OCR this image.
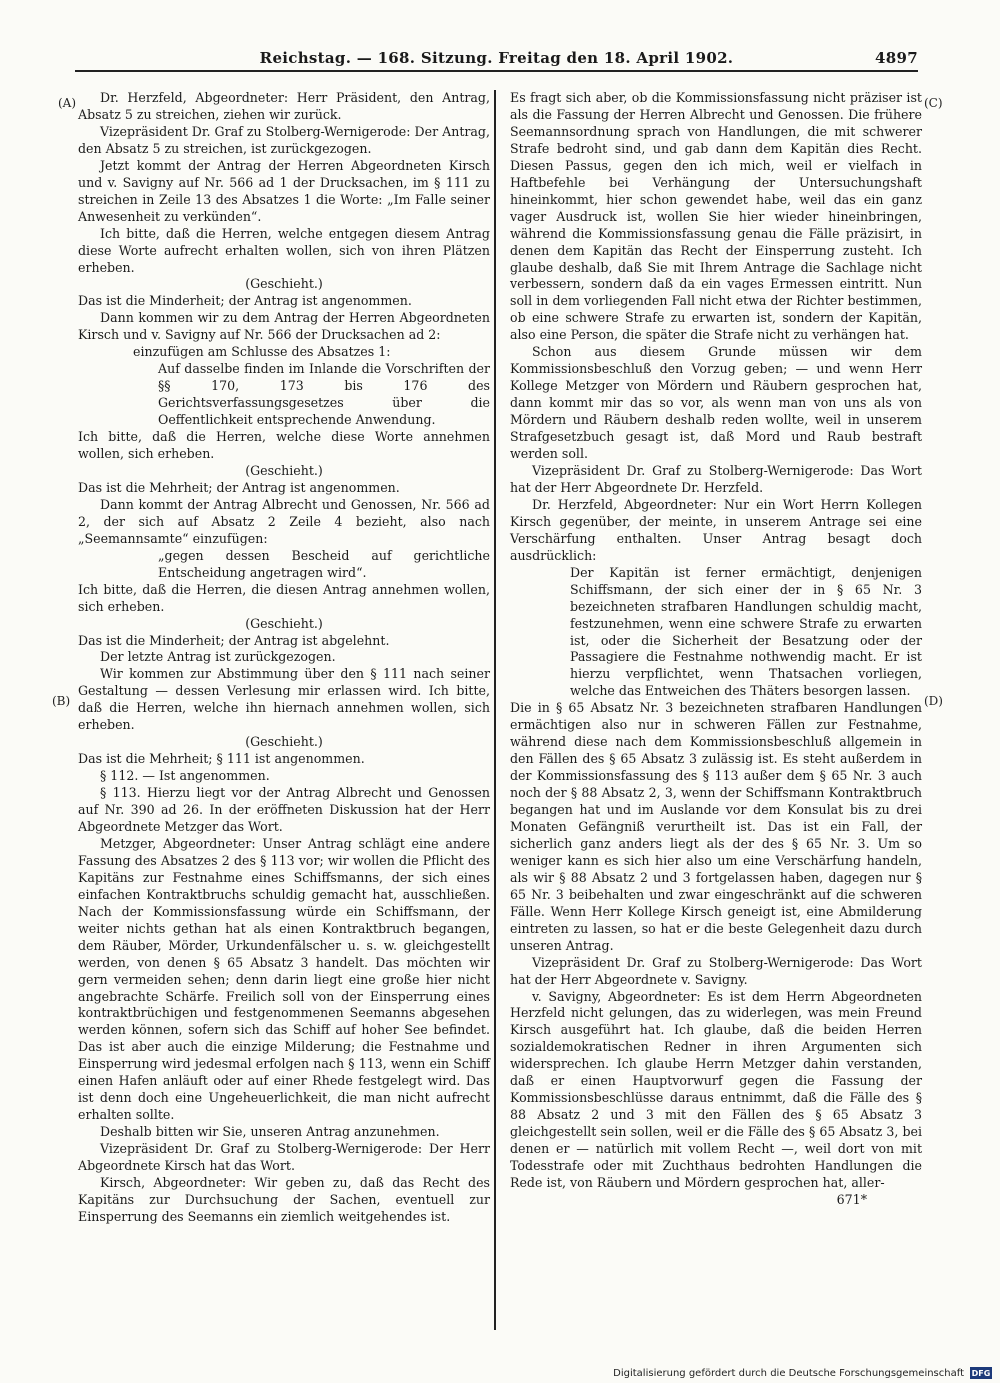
Reichstag. — 168. Sitzung. Freitag den 18. April 1902.	4897
(A)
(B)
(C)
(D)

Dr. Herzfeld, Abgeordneter: Herr Präsident, den Antrag, Absatz 5 zu streichen, ziehen wir zurück.

Vizepräsident Dr. Graf zu Stolberg-Wernigerode: Der Antrag, den Absatz 5 zu streichen, ist zurückgezogen.

Jetzt kommt der Antrag der Herren Abgeordneten Kirsch und v. Savigny auf Nr. 566 ad 1 der Drucksachen, im § 111 zu streichen in Zeile 13 des Absatzes 1 die Worte: „Im Falle seiner Anwesenheit zu verkünden“.

Ich bitte, daß die Herren, welche entgegen diesem Antrag diese Worte aufrecht erhalten wollen, sich von ihren Plätzen erheben.

(Geschieht.)

Das ist die Minderheit; der Antrag ist angenommen.

Dann kommen wir zu dem Antrag der Herren Abgeordneten Kirsch und v. Savigny auf Nr. 566 der Drucksachen ad 2:

einzufügen am Schlusse des Absatzes 1:

Auf dasselbe finden im Inlande die Vorschriften der §§ 170, 173 bis 176 des Gerichtsverfassungsgesetzes über die Oeffentlichkeit entsprechende Anwendung.

Ich bitte, daß die Herren, welche diese Worte annehmen wollen, sich erheben.

(Geschieht.)

Das ist die Mehrheit; der Antrag ist angenommen.

Dann kommt der Antrag Albrecht und Genossen, Nr. 566 ad 2, der sich auf Absatz 2 Zeile 4 bezieht, also nach „Seemannsamte“ einzufügen:

„gegen dessen Bescheid auf gerichtliche Entscheidung angetragen wird“.

Ich bitte, daß die Herren, die diesen Antrag annehmen wollen, sich erheben.

(Geschieht.)

Das ist die Minderheit; der Antrag ist abgelehnt.

Der letzte Antrag ist zurückgezogen.

Wir kommen zur Abstimmung über den § 111 nach seiner Gestaltung — dessen Verlesung mir erlassen wird. Ich bitte, daß die Herren, welche ihn hiernach annehmen wollen, sich erheben.

(Geschieht.)

Das ist die Mehrheit; § 111 ist angenommen.

§ 112. — Ist angenommen.

§ 113. Hierzu liegt vor der Antrag Albrecht und Genossen auf Nr. 390 ad 26. In der eröffneten Diskussion hat der Herr Abgeordnete Metzger das Wort.

Metzger, Abgeordneter: Unser Antrag schlägt eine andere Fassung des Absatzes 2 des § 113 vor; wir wollen die Pflicht des Kapitäns zur Festnahme eines Schiffsmanns, der sich eines einfachen Kontraktbruchs schuldig gemacht hat, ausschließen. Nach der Kommissionsfassung würde ein Schiffsmann, der weiter nichts gethan hat als einen Kontraktbruch begangen, dem Räuber, Mörder, Urkundenfälscher u. s. w. gleichgestellt werden, von denen § 65 Absatz 3 handelt. Das möchten wir gern vermeiden sehen; denn darin liegt eine große hier nicht angebrachte Schärfe. Freilich soll von der Einsperrung eines kontraktbrüchigen und festgenommenen Seemanns abgesehen werden können, sofern sich das Schiff auf hoher See befindet. Das ist aber auch die einzige Milderung; die Festnahme und Einsperrung wird jedesmal erfolgen nach § 113, wenn ein Schiff einen Hafen anläuft oder auf einer Rhede festgelegt wird. Das ist denn doch eine Ungeheuerlichkeit, die man nicht aufrecht erhalten sollte.

Deshalb bitten wir Sie, unseren Antrag anzunehmen.

Vizepräsident Dr. Graf zu Stolberg-Wernigerode: Der Herr Abgeordnete Kirsch hat das Wort.

Kirsch, Abgeordneter: Wir geben zu, daß das Recht des Kapitäns zur Durchsuchung der Sachen, eventuell zur Einsperrung des Seemanns ein ziemlich weitgehendes ist.

Es fragt sich aber, ob die Kommissionsfassung nicht präziser ist als die Fassung der Herren Albrecht und Genossen. Die frühere Seemannsordnung sprach von Handlungen, die mit schwerer Strafe bedroht sind, und gab dann dem Kapitän dies Recht. Diesen Passus, gegen den ich mich, weil er vielfach in Haftbefehle bei Verhängung der Untersuchungshaft hineinkommt, hier schon gewendet habe, weil das ein ganz vager Ausdruck ist, wollen Sie hier wieder hineinbringen, während die Kommissionsfassung genau die Fälle präzisirt, in denen dem Kapitän das Recht der Einsperrung zusteht. Ich glaube deshalb, daß Sie mit Ihrem Antrage die Sachlage nicht verbessern, sondern daß da ein vages Ermessen eintritt. Nun soll in dem vorliegenden Fall nicht etwa der Richter bestimmen, ob eine schwere Strafe zu erwarten ist, sondern der Kapitän, also eine Person, die später die Strafe nicht zu verhängen hat.

Schon aus diesem Grunde müssen wir dem Kommissionsbeschluß den Vorzug geben; — und wenn Herr Kollege Metzger von Mördern und Räubern gesprochen hat, dann kommt mir das so vor, als wenn man von uns als von Mördern und Räubern deshalb reden wollte, weil in unserem Strafgesetzbuch gesagt ist, daß Mord und Raub bestraft werden soll.

Vizepräsident Dr. Graf zu Stolberg-Wernigerode: Das Wort hat der Herr Abgeordnete Dr. Herzfeld.

Dr. Herzfeld, Abgeordneter: Nur ein Wort Herrn Kollegen Kirsch gegenüber, der meinte, in unserem Antrage sei eine Verschärfung enthalten. Unser Antrag besagt doch ausdrücklich:

Der Kapitän ist ferner ermächtigt, denjenigen Schiffsmann, der sich einer der in § 65 Nr. 3 bezeichneten strafbaren Handlungen schuldig macht, festzunehmen, wenn eine schwere Strafe zu erwarten ist, oder die Sicherheit der Besatzung oder der Passagiere die Festnahme nothwendig macht. Er ist hierzu verpflichtet, wenn Thatsachen vorliegen, welche das Entweichen des Thäters besorgen lassen.

Die in § 65 Absatz Nr. 3 bezeichneten strafbaren Handlungen ermächtigen also nur in schweren Fällen zur Festnahme, während diese nach dem Kommissionsbeschluß allgemein in den Fällen des § 65 Absatz 3 zulässig ist. Es steht außerdem in der Kommissionsfassung des § 113 außer dem § 65 Nr. 3 auch noch der § 88 Absatz 2, 3, wenn der Schiffsmann Kontraktbruch begangen hat und im Auslande vor dem Konsulat bis zu drei Monaten Gefängniß verurtheilt ist. Das ist ein Fall, der sicherlich ganz anders liegt als der des § 65 Nr. 3. Um so weniger kann es sich hier also um eine Verschärfung handeln, als wir § 88 Absatz 2 und 3 fortgelassen haben, dagegen nur § 65 Nr. 3 beibehalten und zwar eingeschränkt auf die schweren Fälle. Wenn Herr Kollege Kirsch geneigt ist, eine Abmilderung eintreten zu lassen, so hat er die beste Gelegenheit dazu durch unseren Antrag.

Vizepräsident Dr. Graf zu Stolberg-Wernigerode: Das Wort hat der Herr Abgeordnete v. Savigny.

v. Savigny, Abgeordneter: Es ist dem Herrn Abgeordneten Herzfeld nicht gelungen, das zu widerlegen, was mein Freund Kirsch ausgeführt hat. Ich glaube, daß die beiden Herren sozialdemokratischen Redner in ihren Argumenten sich widersprechen. Ich glaube Herrn Metzger dahin verstanden, daß er einen Hauptvorwurf gegen die Fassung der Kommissionsbeschlüsse daraus entnimmt, daß die Fälle des § 88 Absatz 2 und 3 mit den Fällen des § 65 Absatz 3 gleichgestellt sein sollen, weil er die Fälle des § 65 Absatz 3, bei denen er — natürlich mit vollem Recht —, weil dort von mit Todesstrafe oder mit Zuchthaus bedrohten Handlungen die Rede ist, von Räubern und Mördern gesprochen hat, aller-

671*

Digitalisierung gefördert durch die Deutsche Forschungsgemeinschaft DFG
